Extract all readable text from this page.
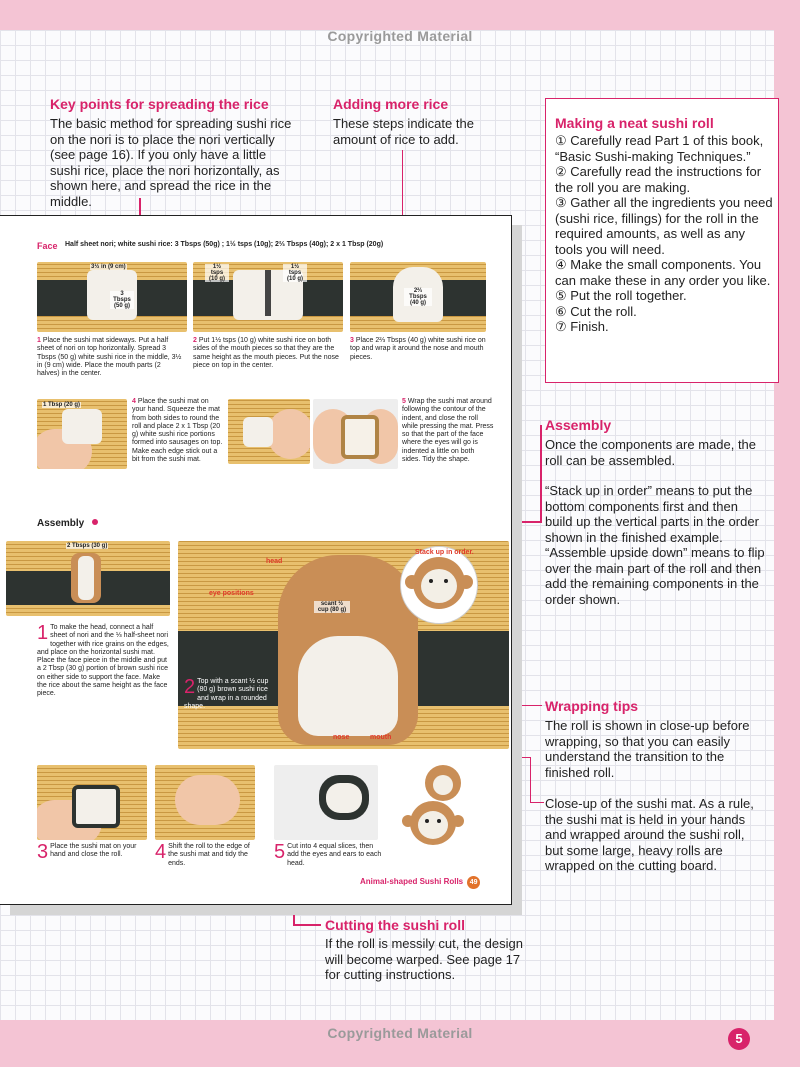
Copyrighted Material
Copyrighted Material
Key points for spreading the rice
The basic method for spreading sushi rice on the nori is to place the nori vertically (see page 16). If you only have a little sushi rice, place the nori horizontally, as shown here, and spread the rice in the middle.
Adding more rice
These steps indicate the amount of rice to add.
Making a neat sushi roll
① Carefully read Part 1 of this book, “Basic Sushi-making Techniques.”
② Carefully read the instructions for the roll you are making.
③ Gather all the ingredients you need (sushi rice, fillings) for the roll in the required amounts, as well as any tools you will need.
④ Make the small components. You can make these in any order you like.
⑤ Put the roll together.
⑥ Cut the roll.
⑦ Finish.
Assembly

Once the components are made, the roll can be assembled.

“Stack up in order” means to put the bottom components first and then build up the vertical parts in the order shown in the finished example. “Assemble upside down” means to flip over the main part of the roll and then add the remaining components in the order shown.

Wrapping tips

The roll is shown in close-up before wrapping, so that you can easily understand the transition to the finished roll.

Close-up of the sushi mat. As a rule, the sushi mat is held in your hands and wrapped around the sushi roll, but some large, heavy rolls are wrapped on the cutting board.
Cutting the sushi roll
If the roll is messily cut, the design will become warped. See page 17 for cutting instructions.
Face Half sheet nori; white sushi rice: 3 Tbsps (50g) ; 1½ tsps (10g); 2⅔ Tbsps (40g); 2 x 1 Tbsp (20g)
3½ in (9 cm)
3 Tbsps (50 g)
1½ tsps (10 g)
1½ tsps (10 g)
2⅔ Tbsps (40 g)
1 Place the sushi mat sideways. Put a half sheet of nori on top horizontally. Spread 3 Tbsps (50 g) white sushi rice in the middle, 3½ in (9 cm) wide. Place the mouth parts (2 halves) in the center.
2 Put 1½ tsps (10 g) white sushi rice on both sides of the mouth pieces so that they are the same height as the mouth pieces. Put the nose piece on top in the center.
3 Place 2⅔ Tbsps (40 g) white sushi rice on top and wrap it around the nose and mouth pieces.
1 Tbsp (20 g)	4 Place the sushi mat on your hand. Squeeze the mat from both sides to round the roll and place 2 x 1 Tbsp (20 g) white sushi rice portions formed into sausages on top. Make each edge stick out a bit from the sushi mat.
5 Wrap the sushi mat around following the contour of the indent, and close the roll while pressing the mat. Press so that the part of the face where the eyes will go is indented a little on both sides. Tidy the shape.
Assembly
2 Tbsps (30 g)
1 To make the head, connect a half sheet of nori and the ⅓ half-sheet nori together with rice grains on the edges, and place on the horizontal sushi mat. Place the face piece in the middle and put a 2 Tbsp (30 g) portion of brown sushi rice on either side to support the face. Make the rice about the same height as the face piece.
head
eye positions
nose	mouth
scant ½ cup (80 g)
2 Top with a scant ½ cup (80 g) brown sushi rice and wrap in a rounded shape.
Stack up in order.
3 Place the sushi mat on your hand and close the roll.	4 Shift the roll to the edge of the sushi mat and tidy the ends.
5 Cut into 4 equal slices, then add the eyes and ears to each head.
Animal-shaped Sushi Rolls 49
5
